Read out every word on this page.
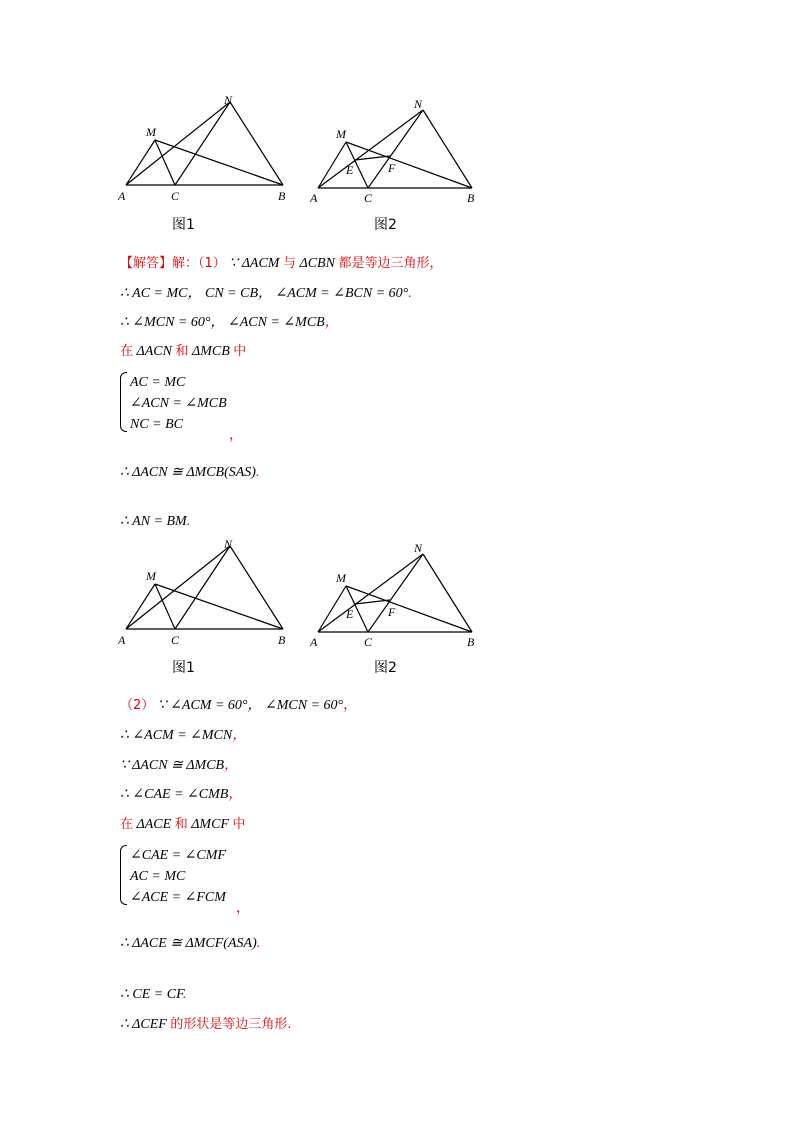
A	C	B
M
N
图1
A	C	B
M
N
E	F
图2
【解答】解：（1） ∵ ΔACM 与 ΔCBN 都是等边三角形，
∴ AC = MC， CN = CB， ∠ACM = ∠BCN = 60°.
∴ ∠MCN = 60°， ∠ACN = ∠MCB，
在 ΔACN 和 ΔMCB 中
AC = MC
∠ACN = ∠MCB
NC = BC
，
∴ ΔACN ≅ ΔMCB(SAS).
∴ AN = BM.
A	C	B
M
N
图1
A	C	B
M
N
E	F
图2
（2） ∵ ∠ACM = 60°， ∠MCN = 60°，
∴ ∠ACM = ∠MCN，
∵ ΔACN ≅ ΔMCB，
∴ ∠CAE = ∠CMB，
在 ΔACE 和 ΔMCF 中
∠CAE = ∠CMF
AC = MC
∠ACE = ∠FCM
，
∴ ΔACE ≅ ΔMCF(ASA).
∴ CE = CF.
∴ ΔCEF 的形状是等边三角形.
